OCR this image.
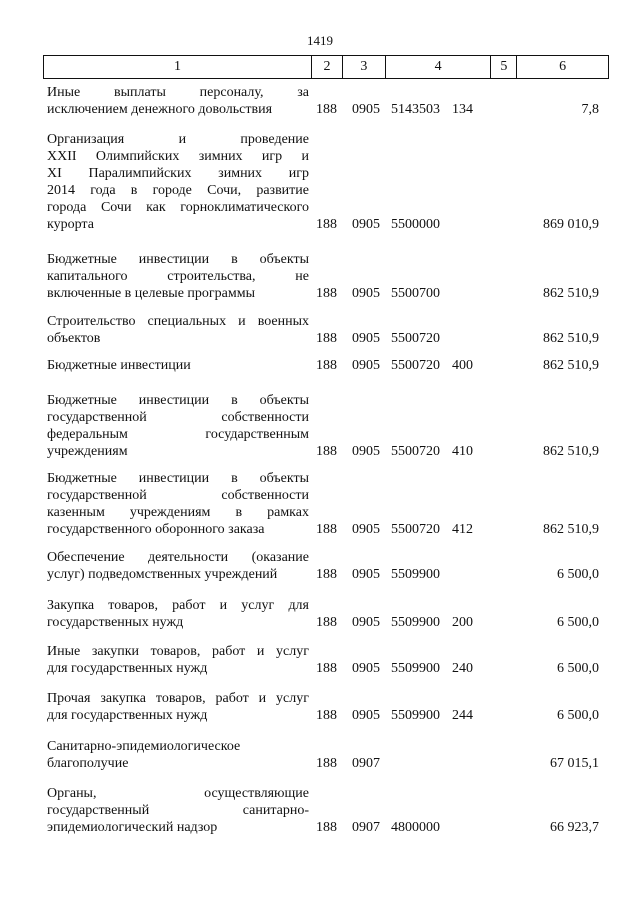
1419
1	2	3	4	5	6
Иные выплаты персоналу, за
исключением денежного довольствия	188 0905 5143503 134	7,8
Организация и проведение
XXII Олимпийских зимних игр и
XI Паралимпийских зимних игр
2014 года в городе Сочи, развитие
города Сочи как горноклиматического
курорта	188 0905 5500000	869 010,9
Бюджетные инвестиции в объекты
капитального строительства, не
включенные в целевые программы	188 0905 5500700	862 510,9
Строительство специальных и военных
объектов	188 0905 5500720	862 510,9
Бюджетные инвестиции	188 0905 5500720 400	862 510,9
Бюджетные инвестиции в объекты
государственной собственности
федеральным государственным
учреждениям	188 0905 5500720 410	862 510,9
Бюджетные инвестиции в объекты
государственной собственности
казенным учреждениям в рамках
государственного оборонного заказа	188 0905 5500720 412	862 510,9
Обеспечение деятельности (оказание
услуг) подведомственных учреждений	188 0905 5509900	6 500,0
Закупка товаров, работ и услуг для
государственных нужд	188 0905 5509900 200	6 500,0
Иные закупки товаров, работ и услуг
для государственных нужд	188 0905 5509900 240	6 500,0
Прочая закупка товаров, работ и услуг
для государственных нужд	188 0905 5509900 244	6 500,0
Санитарно-эпидемиологическое
благополучие	188 0907	67 015,1
Органы, осуществляющие
государственный санитарно-
эпидемиологический надзор	188 0907 4800000	66 923,7
